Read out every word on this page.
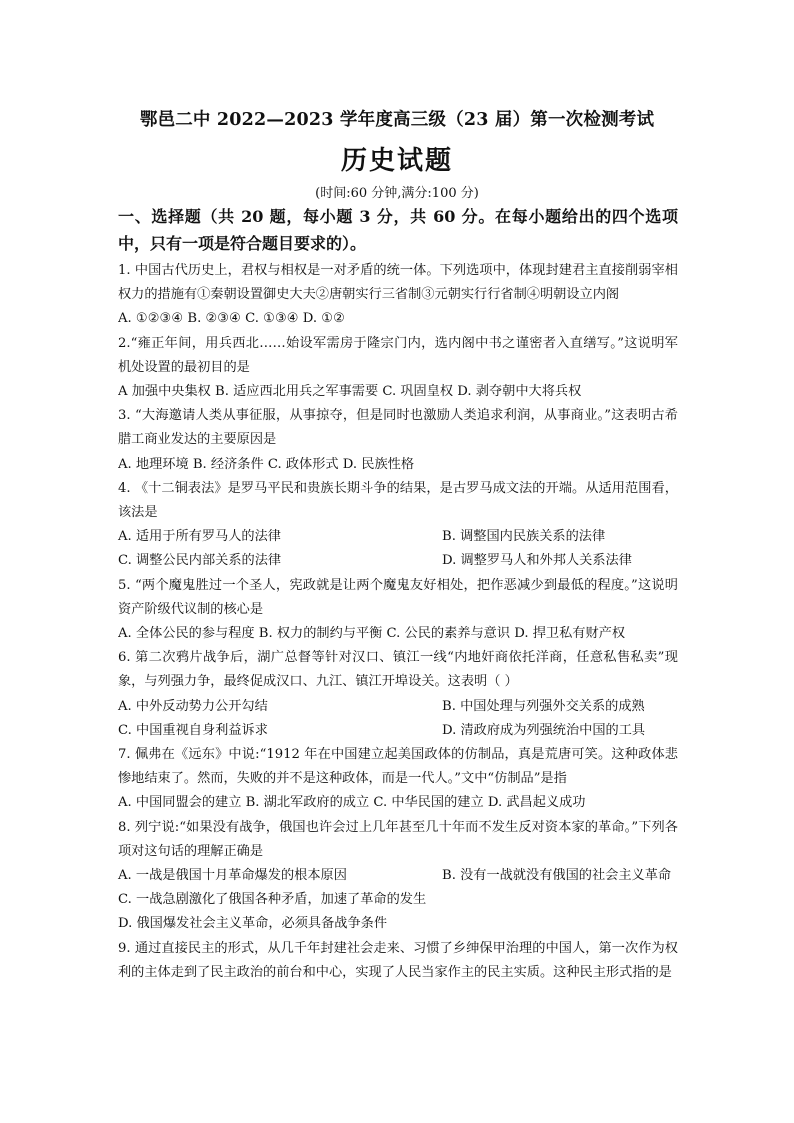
鄂邑二中 2022—2023 学年度高三级（23 届）第一次检测考试
历史试题
(时间:60 分钟,满分:100 分)
一、选择题（共 20 题，每小题 3 分，共 60 分。在每小题给出的四个选项中，只有一项是符合题目要求的）。
1. 中国古代历史上，君权与相权是一对矛盾的统一体。下列选项中，体现封建君主直接削弱宰相权力的措施有①秦朝设置御史大夫②唐朝实行三省制③元朝实行行省制④明朝设立内阁
A. ①②③④ B. ②③④ C. ①③④ D. ①②
2.“雍正年间，用兵西北……始设军需房于隆宗门内，选内阁中书之谨密者入直缮写。”这说明军机处设置的最初目的是
A 加强中央集权 B. 适应西北用兵之军事需要 C. 巩固皇权 D. 剥夺朝中大将兵权
3. “大海邀请人类从事征服，从事掠夺，但是同时也激励人类追求利润，从事商业。”这表明古希腊工商业发达的主要原因是
A. 地理环境 B. 经济条件 C. 政体形式 D. 民族性格
4. 《十二铜表法》是罗马平民和贵族长期斗争的结果，是古罗马成文法的开端。从适用范围看，该法是
A. 适用于所有罗马人的法律	B. 调整国内民族关系的法律
C. 调整公民内部关系的法律	D. 调整罗马人和外邦人关系法律
5. “两个魔鬼胜过一个圣人，宪政就是让两个魔鬼友好相处，把作恶减少到最低的程度。”这说明资产阶级代议制的核心是
A. 全体公民的参与程度 B. 权力的制约与平衡 C. 公民的素养与意识 D. 捍卫私有财产权
6. 第二次鸦片战争后，湖广总督等针对汉口、镇江一线“内地奸商依托洋商，任意私售私卖”现象，与列强力争，最终促成汉口、九江、镇江开埠设关。这表明（ ）
A. 中外反动势力公开勾结	B. 中国处理与列强外交关系的成熟
C. 中国重视自身利益诉求	D. 清政府成为列强统治中国的工具
7. 佩弗在《远东》中说:“1912 年在中国建立起美国政体的仿制品，真是荒唐可笑。这种政体悲惨地结束了。然而，失败的并不是这种政体，而是一代人。”文中“仿制品”是指
A. 中国同盟会的建立 B. 湖北军政府的成立 C. 中华民国的建立 D. 武昌起义成功
8. 列宁说:“如果没有战争，俄国也许会过上几年甚至几十年而不发生反对资本家的革命。”下列各项对这句话的理解正确是
A. 一战是俄国十月革命爆发的根本原因	B. 没有一战就没有俄国的社会主义革命
C. 一战急剧激化了俄国各种矛盾，加速了革命的发生
D. 俄国爆发社会主义革命，必须具备战争条件
9. 通过直接民主的形式，从几千年封建社会走来、习惯了乡绅保甲治理的中国人，第一次作为权利的主体走到了民主政治的前台和中心，实现了人民当家作主的民主实质。这种民主形式指的是
